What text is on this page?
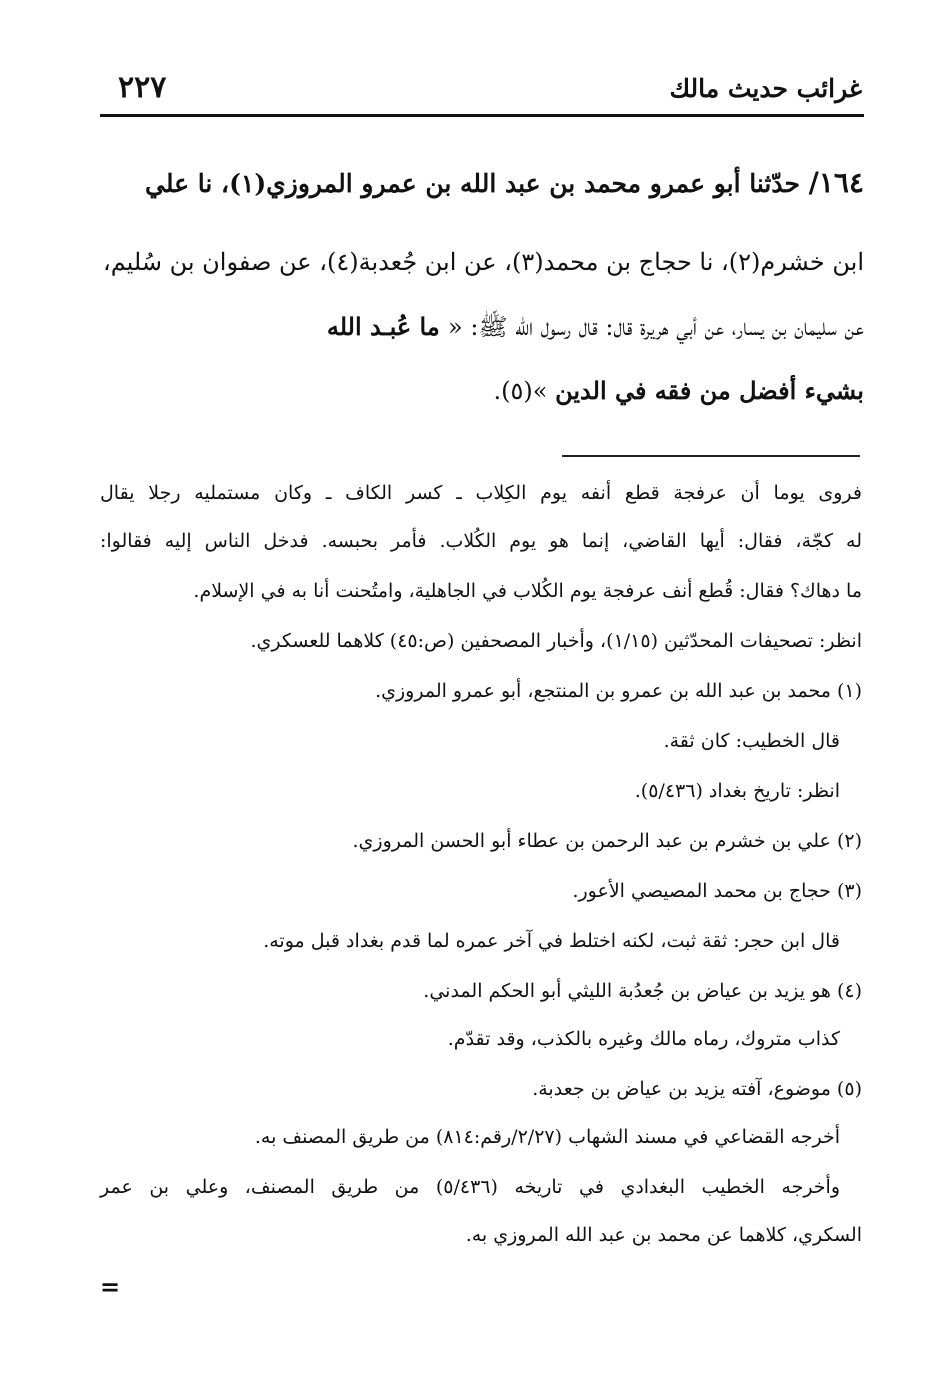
غرائب حديث مالك
٢٢٧
١٦٤/ حدّثنا أبو عمرو محمد بن عبد الله بن عمرو المروزي(١)، نا علي
ابن خشرم(٢)، نا حجاج بن محمد(٣)، عن ابن جُعدبة(٤)، عن صفوان بن سُليم،
عن سليمان بن يسار، عن أبي هريرة قال: قال رسول الله ﷺ: « ما عُبـد الله
بشيء أفضل من فقه في الدين »(٥).
فروى يوما أن عرفجة قطع أنفه يوم الكِلاب ـ كسر الكاف ـ وكان مستمليه رجلا يقال
له كجّة، فقال: أيها القاضي، إنما هو يوم الكُلاب. فأمر بحبسه. فدخل الناس إليه فقالوا:
ما دهاك؟ فقال: قُطع أنف عرفجة يوم الكُلاب في الجاهلية، وامتُحنت أنا به في الإسلام.
انظر: تصحيفات المحدّثين (١/١٥)، وأخبار المصحفين (ص:٤٥) كلاهما للعسكري.
(١) محمد بن عبد الله بن عمرو بن المنتجع، أبو عمرو المروزي.
قال الخطيب: كان ثقة.
انظر: تاريخ بغداد (٥/٤٣٦).
(٢) علي بن خشرم بن عبد الرحمن بن عطاء أبو الحسن المروزي.
(٣) حجاج بن محمد المصيصي الأعور.
قال ابن حجر: ثقة ثبت، لكنه اختلط في آخر عمره لما قدم بغداد قبل موته.
(٤) هو يزيد بن عياض بن جُعدُبة الليثي أبو الحكم المدني.
كذاب متروك، رماه مالك وغيره بالكذب، وقد تقدّم.
(٥) موضوع، آفته يزيد بن عياض بن جعدبة.
أخرجه القضاعي في مسند الشهاب (٢/٢٧/رقم:٨١٤) من طريق المصنف به.
وأخرجه الخطيب البغدادي في تاريخه (٥/٤٣٦) من طريق المصنف، وعلي بن عمر
السكري، كلاهما عن محمد بن عبد الله المروزي به.
=
